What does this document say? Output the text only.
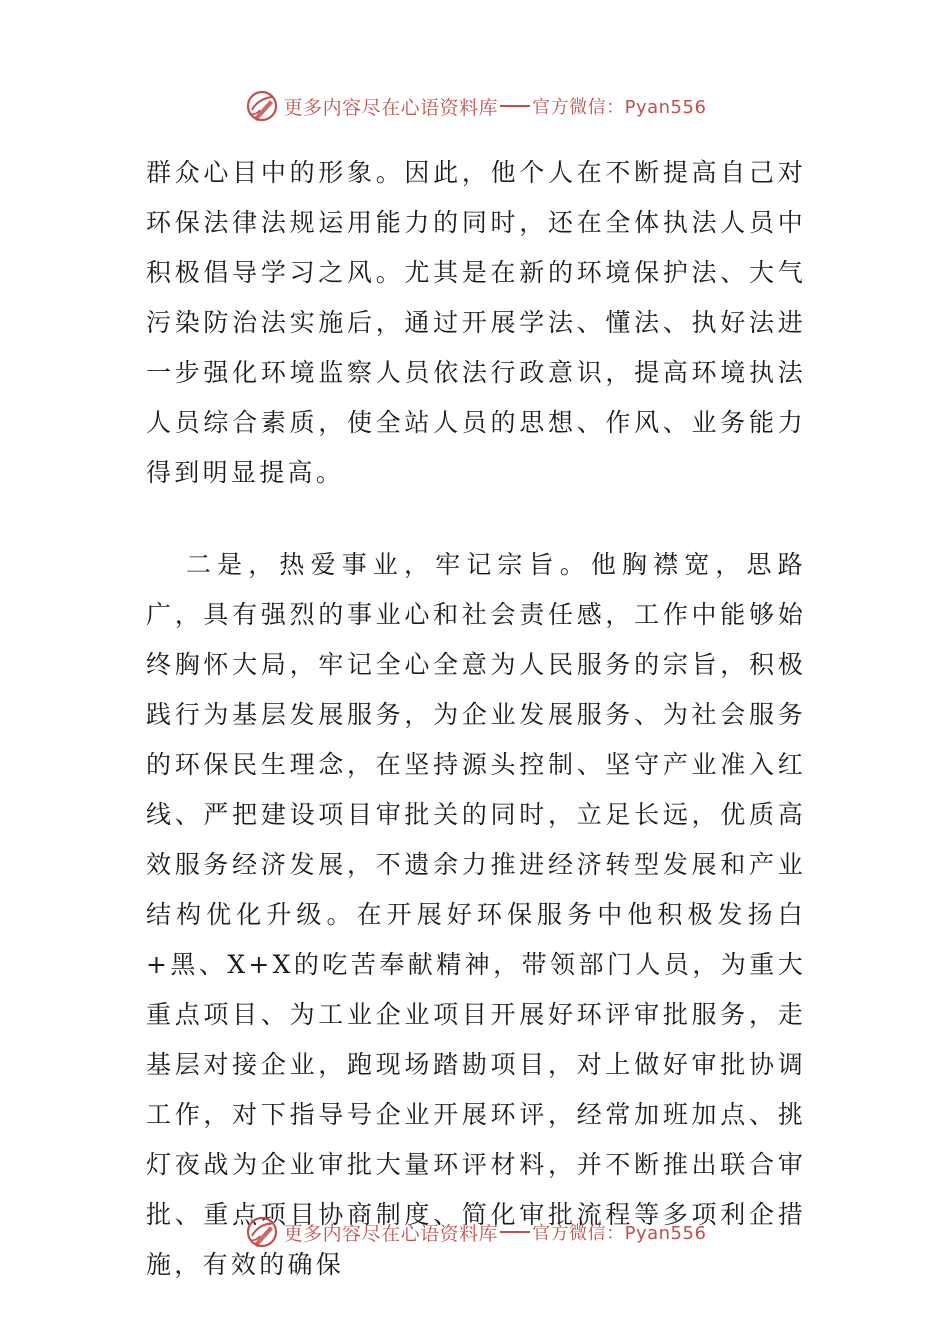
更多内容尽在心语资料库 官方微信：Pyan556

群众心目中的形象。因此，他个人在不断提高自己对环保法律法规运用能力的同时，还在全体执法人员中积极倡导学习之风。尤其是在新的环境保护法、大气污染防治法实施后，通过开展学法、懂法、执好法进一步强化环境监察人员依法行政意识，提高环境执法人员综合素质，使全站人员的思想、作风、业务能力得到明显提高。

二是，热爱事业，牢记宗旨。他胸襟宽，思路广，具有强烈的事业心和社会责任感，工作中能够始终胸怀大局，牢记全心全意为人民服务的宗旨，积极践行为基层发展服务，为企业发展服务、为社会服务的环保民生理念，在坚持源头控制、坚守产业准入红线、严把建设项目审批关的同时，立足长远，优质高效服务经济发展，不遗余力推进经济转型发展和产业结构优化升级。在开展好环保服务中他积极发扬白+黑、X+X的吃苦奉献精神，带领部门人员，为重大重点项目、为工业企业项目开展好环评审批服务，走基层对接企业，跑现场踏勘项目，对上做好审批协调工作，对下指导号企业开展环评，经常加班加点、挑灯夜战为企业审批大量环评材料，并不断推出联合审批、重点项目协商制度、简化审批流程等多项利企措施，有效的确保

更多内容尽在心语资料库 官方微信：Pyan556
